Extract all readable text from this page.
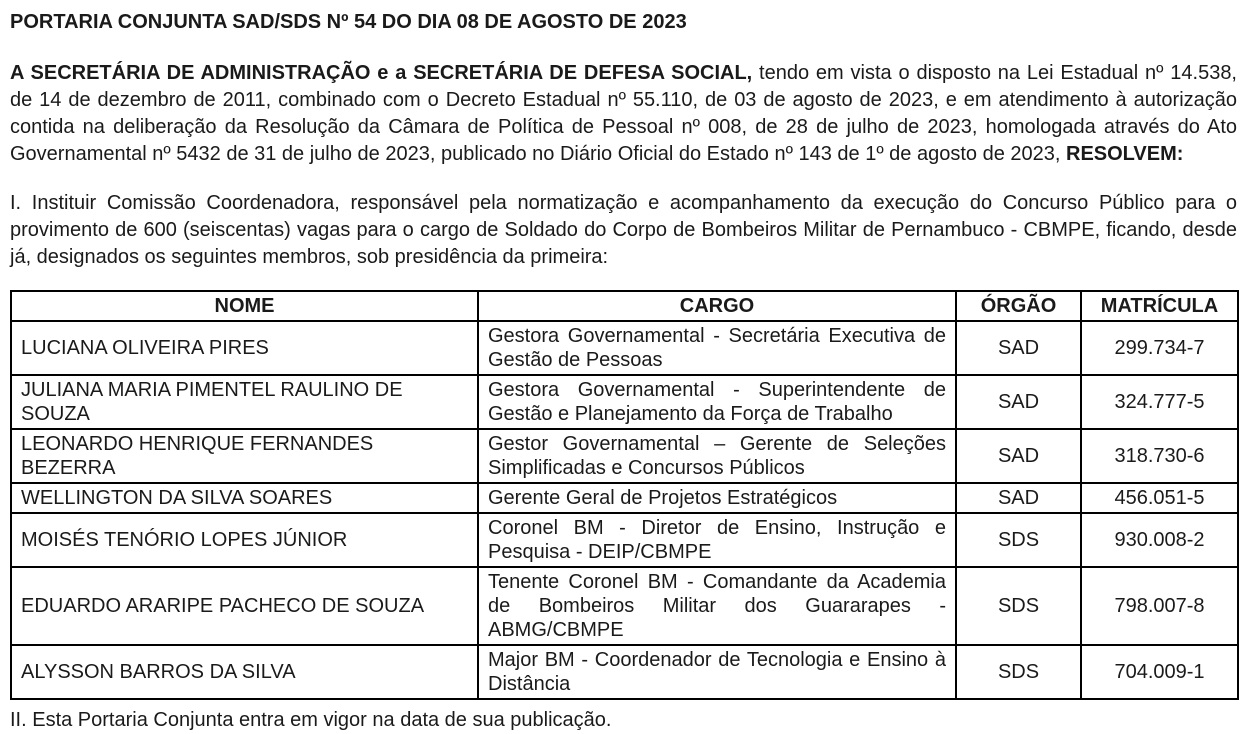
PORTARIA CONJUNTA SAD/SDS Nº 54 DO DIA 08 DE AGOSTO DE 2023

A SECRETÁRIA DE ADMINISTRAÇÃO e a SECRETÁRIA DE DEFESA SOCIAL, tendo em vista o disposto na Lei Estadual nº 14.538, de 14 de dezembro de 2011, combinado com o Decreto Estadual nº 55.110, de 03 de agosto de 2023, e em atendimento à autorização contida na deliberação da Resolução da Câmara de Política de Pessoal nº 008, de 28 de julho de 2023, homologada através do Ato Governamental nº 5432 de 31 de julho de 2023, publicado no Diário Oficial do Estado nº 143 de 1º de agosto de 2023, RESOLVEM:

I. Instituir Comissão Coordenadora, responsável pela normatização e acompanhamento da execução do Concurso Público para o provimento de 600 (seiscentas) vagas para o cargo de Soldado do Corpo de Bombeiros Militar de Pernambuco - CBMPE, ficando, desde já, designados os seguintes membros, sob presidência da primeira:

NOME	CARGO	ÓRGÃO	MATRÍCULA
LUCIANA OLIVEIRA PIRES	Gestora Governamental - Secretária Executiva de Gestão de Pessoas	SAD	299.734-7
JULIANA MARIA PIMENTEL RAULINO DE SOUZA	Gestora Governamental - Superintendente de Gestão e Planejamento da Força de Trabalho	SAD	324.777-5
LEONARDO HENRIQUE FERNANDES BEZERRA	Gestor Governamental – Gerente de Seleções Simplificadas e Concursos Públicos	SAD	318.730-6
WELLINGTON DA SILVA SOARES	Gerente Geral de Projetos Estratégicos	SAD	456.051-5
MOISÉS TENÓRIO LOPES JÚNIOR	Coronel BM - Diretor de Ensino, Instrução e Pesquisa - DEIP/CBMPE	SDS	930.008-2
EDUARDO ARARIPE PACHECO DE SOUZA	Tenente Coronel BM - Comandante da Academia de Bombeiros Militar dos Guararapes - ABMG/CBMPE	SDS	798.007-8
ALYSSON BARROS DA SILVA	Major BM - Coordenador de Tecnologia e Ensino à Distância	SDS	704.009-1

II. Esta Portaria Conjunta entra em vigor na data de sua publicação.
